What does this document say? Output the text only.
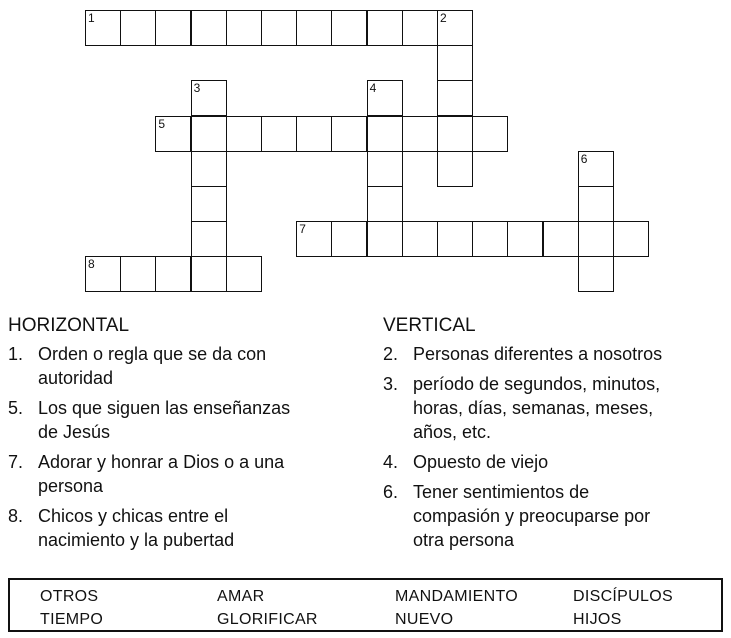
1	2
3	4
5
6
7
8
HORIZONTAL
1. Orden o regla que se da con
autoridad
5. Los que siguen las enseñanzas
de Jesús
7. Adorar y honrar a Dios o a una
persona
8. Chicos y chicas entre el
nacimiento y la pubertad
VERTICAL
2. Personas diferentes a nosotros
3. período de segundos, minutos,
horas, días, semanas, meses,
años, etc.
4. Opuesto de viejo
6. Tener sentimientos de
compasión y preocuparse por
otra persona
OTROS	AMAR	MANDAMIENTO	DISCÍPULOS
TIEMPO	GLORIFICAR	NUEVO	HIJOS
